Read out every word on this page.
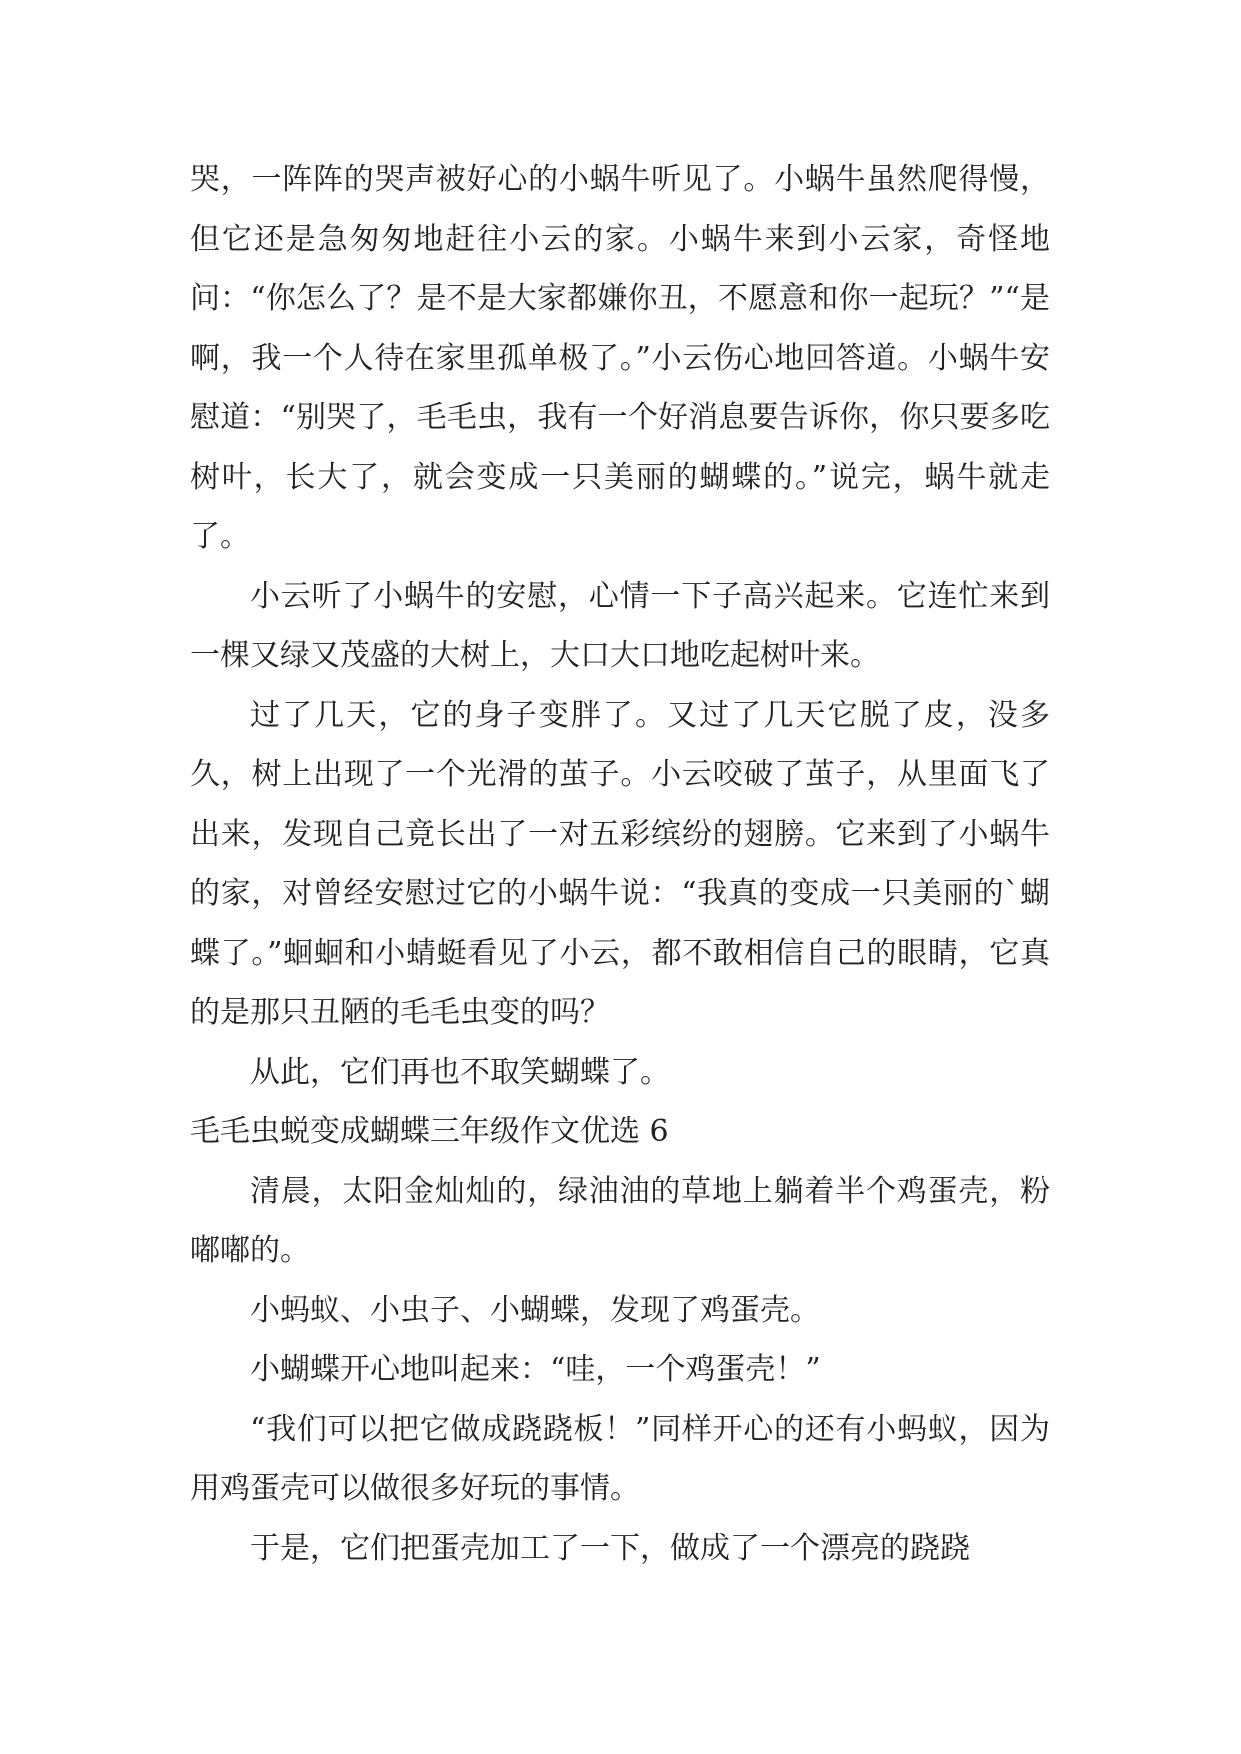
哭，一阵阵的哭声被好心的小蜗牛听见了。小蜗牛虽然爬得慢，但它还是急匆匆地赶往小云的家。小蜗牛来到小云家，奇怪地问：“你怎么了？是不是大家都嫌你丑，不愿意和你一起玩？”“是啊，我一个人待在家里孤单极了。”小云伤心地回答道。小蜗牛安慰道：“别哭了，毛毛虫，我有一个好消息要告诉你，你只要多吃树叶，长大了，就会变成一只美丽的蝴蝶的。”说完，蜗牛就走了。

小云听了小蜗牛的安慰，心情一下子高兴起来。它连忙来到一棵又绿又茂盛的大树上，大口大口地吃起树叶来。

过了几天，它的身子变胖了。又过了几天它脱了皮，没多久，树上出现了一个光滑的茧子。小云咬破了茧子，从里面飞了出来，发现自己竟长出了一对五彩缤纷的翅膀。它来到了小蜗牛的家，对曾经安慰过它的小蜗牛说：“我真的变成一只美丽的`蝴蝶了。”蛔蛔和小蜻蜓看见了小云，都不敢相信自己的眼睛，它真的是那只丑陋的毛毛虫变的吗？

从此，它们再也不取笑蝴蝶了。

毛毛虫蜕变成蝴蝶三年级作文优选 6

清晨，太阳金灿灿的，绿油油的草地上躺着半个鸡蛋壳，粉嘟嘟的。

小蚂蚁、小虫子、小蝴蝶，发现了鸡蛋壳。

小蝴蝶开心地叫起来：“哇，一个鸡蛋壳！”

“我们可以把它做成跷跷板！”同样开心的还有小蚂蚁，因为用鸡蛋壳可以做很多好玩的事情。

于是，它们把蛋壳加工了一下，做成了一个漂亮的跷跷
